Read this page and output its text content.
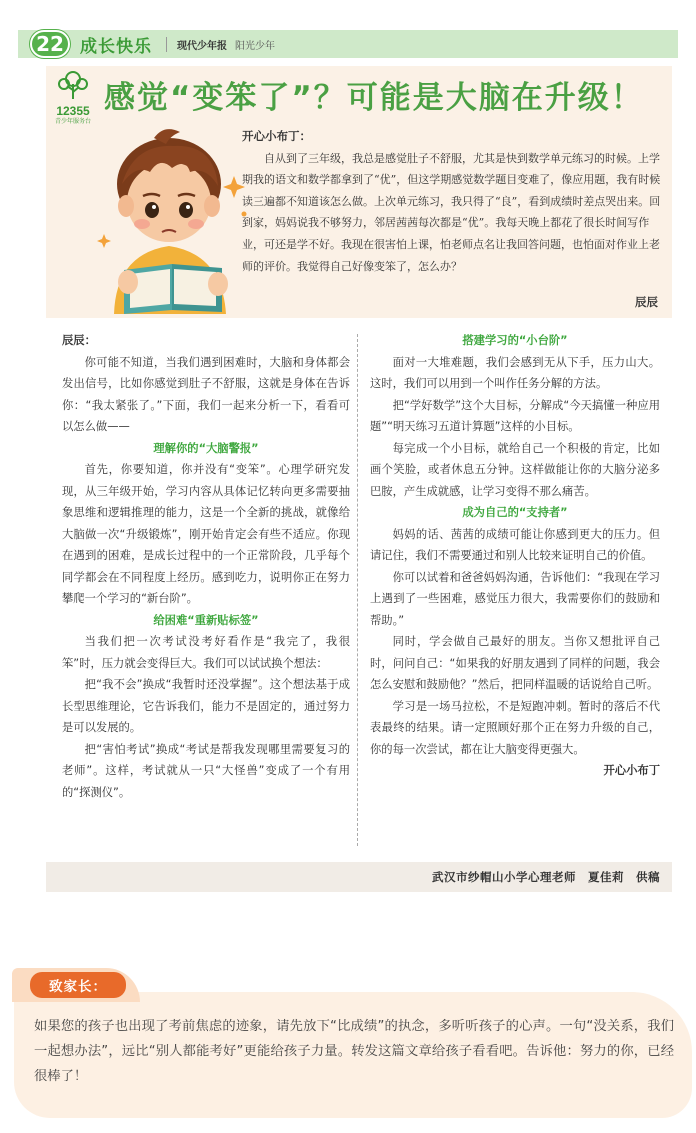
22 成长快乐	现代少年报 阳光少年
12355
青少年服务台
感觉“变笨了”？可能是大脑在升级！
开心小布丁：
自从到了三年级，我总是感觉肚子不舒服，尤其是快到数学单元练习的时候。上学期我的语文和数学都拿到了“优”，但这学期感觉数学题目变难了，像应用题，我有时候读三遍都不知道该怎么做。上次单元练习，我只得了“良”，看到成绩时差点哭出来。回到家，妈妈说我不够努力，邻居茜茜每次都是“优”。我每天晚上都花了很长时间写作业，可还是学不好。我现在很害怕上课，怕老师点名让我回答问题，也怕面对作业上老师的评价。我觉得自己好像变笨了，怎么办？
辰辰

辰辰：

你可能不知道，当我们遇到困难时，大脑和身体都会发出信号，比如你感觉到肚子不舒服，这就是身体在告诉你：“我太紧张了。”下面，我们一起来分析一下，看看可以怎么做——

理解你的“大脑警报”

首先，你要知道，你并没有“变笨”。心理学研究发现，从三年级开始，学习内容从具体记忆转向更多需要抽象思维和逻辑推理的能力，这是一个全新的挑战，就像给大脑做一次“升级锻炼”，刚开始肯定会有些不适应。你现在遇到的困难，是成长过程中的一个正常阶段，几乎每个同学都会在不同程度上经历。感到吃力，说明你正在努力攀爬一个学习的“新台阶”。

给困难“重新贴标签”

当我们把一次考试没考好看作是“我完了，我很笨”时，压力就会变得巨大。我们可以试试换个想法：

把“我不会”换成“我暂时还没掌握”。这个想法基于成长型思维理论，它告诉我们，能力不是固定的，通过努力是可以发展的。

把“害怕考试”换成“考试是帮我发现哪里需要复习的老师”。这样，考试就从一只“大怪兽”变成了一个有用的“探测仪”。

搭建学习的“小台阶”

面对一大堆难题，我们会感到无从下手，压力山大。这时，我们可以用到一个叫作任务分解的方法。

把“学好数学”这个大目标，分解成“今天搞懂一种应用题”“明天练习五道计算题”这样的小目标。

每完成一个小目标，就给自己一个积极的肯定，比如画个笑脸，或者休息五分钟。这样做能让你的大脑分泌多巴胺，产生成就感，让学习变得不那么痛苦。

成为自己的“支持者”

妈妈的话、茜茜的成绩可能让你感到更大的压力。但请记住，我们不需要通过和别人比较来证明自己的价值。

你可以试着和爸爸妈妈沟通，告诉他们：“我现在学习上遇到了一些困难，感觉压力很大，我需要你们的鼓励和帮助。”

同时，学会做自己最好的朋友。当你又想批评自己时，问问自己：“如果我的好朋友遇到了同样的问题，我会怎么安慰和鼓励他？”然后，把同样温暖的话说给自己听。

学习是一场马拉松，不是短跑冲刺。暂时的落后不代表最终的结果。请一定照顾好那个正在努力升级的自己，你的每一次尝试，都在让大脑变得更强大。

开心小布丁

武汉市纱帽山小学心理老师　夏佳莉　供稿
致家长：
如果您的孩子也出现了考前焦虑的迹象，请先放下“比成绩”的执念，多听听孩子的心声。一句“没关系，我们一起想办法”，远比“别人都能考好”更能给孩子力量。转发这篇文章给孩子看看吧。告诉他：努力的你，已经很棒了！
